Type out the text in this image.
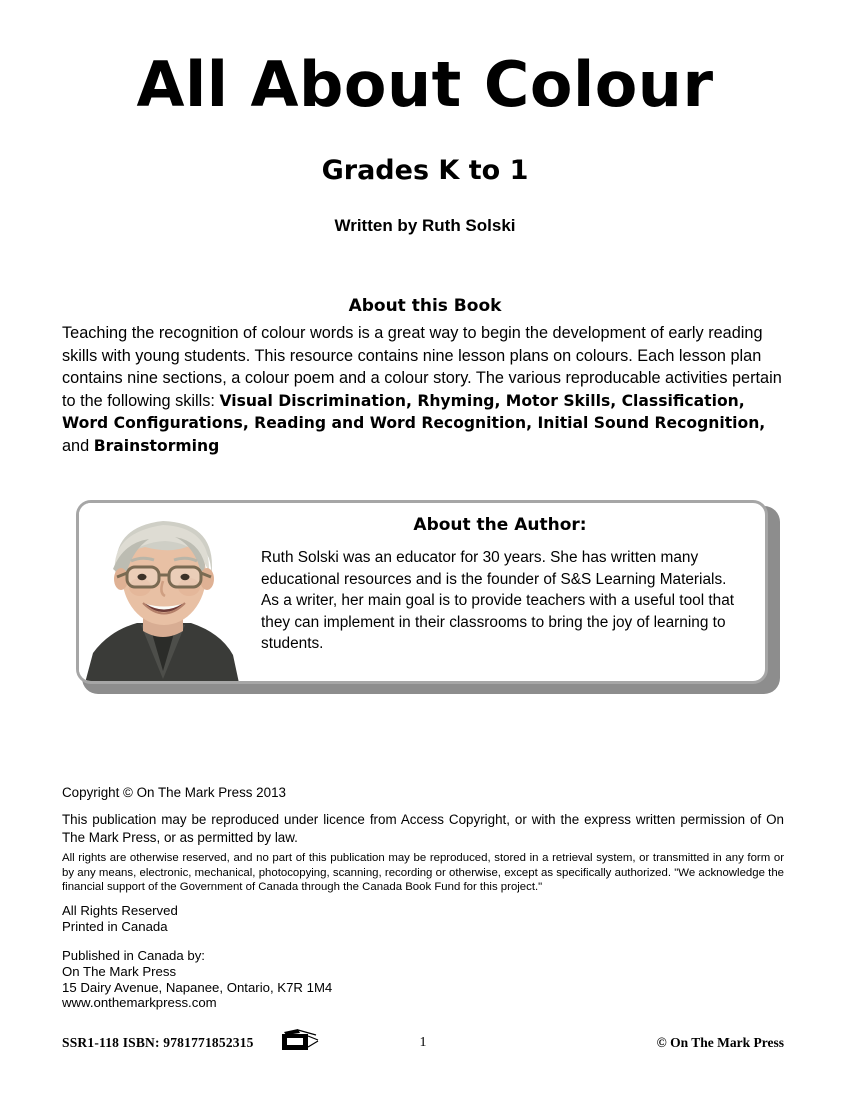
All About Colour
Grades K to 1
Written by Ruth Solski
About this Book
Teaching the recognition of colour words is a great way to begin the development of early reading skills with young students. This resource contains nine lesson plans on colours. Each lesson plan contains nine sections, a colour poem and a colour story. The various reproducable activities pertain to the following skills: Visual Discrimination, Rhyming, Motor Skills, Classification, Word Configurations, Reading and Word Recognition, Initial Sound Recognition, and Brainstorming
About the Author:
Ruth Solski was an educator for 30 years. She has written many educational resources and is the founder of S&S Learning Materials. As a writer, her main goal is to provide teachers with a useful tool that they can implement in their classrooms to bring the joy of learning to students.
Copyright © On The Mark Press 2013
This publication may be reproduced under licence from Access Copyright, or with the express written permission of On The Mark Press, or as permitted by law.
All rights are otherwise reserved, and no part of this publication may be reproduced, stored in a retrieval system, or transmitted in any form or by any means, electronic, mechanical, photocopying, scanning, recording or otherwise, except as specifically authorized. "We acknowledge the financial support of the Government of Canada through the Canada Book Fund for this project."
All Rights Reserved
Printed in Canada
Published in Canada by:
On The Mark Press
15 Dairy Avenue, Napanee, Ontario, K7R 1M4
www.onthemarkpress.com
SSR1-118 ISBN: 9781771852315	1	© On The Mark Press
